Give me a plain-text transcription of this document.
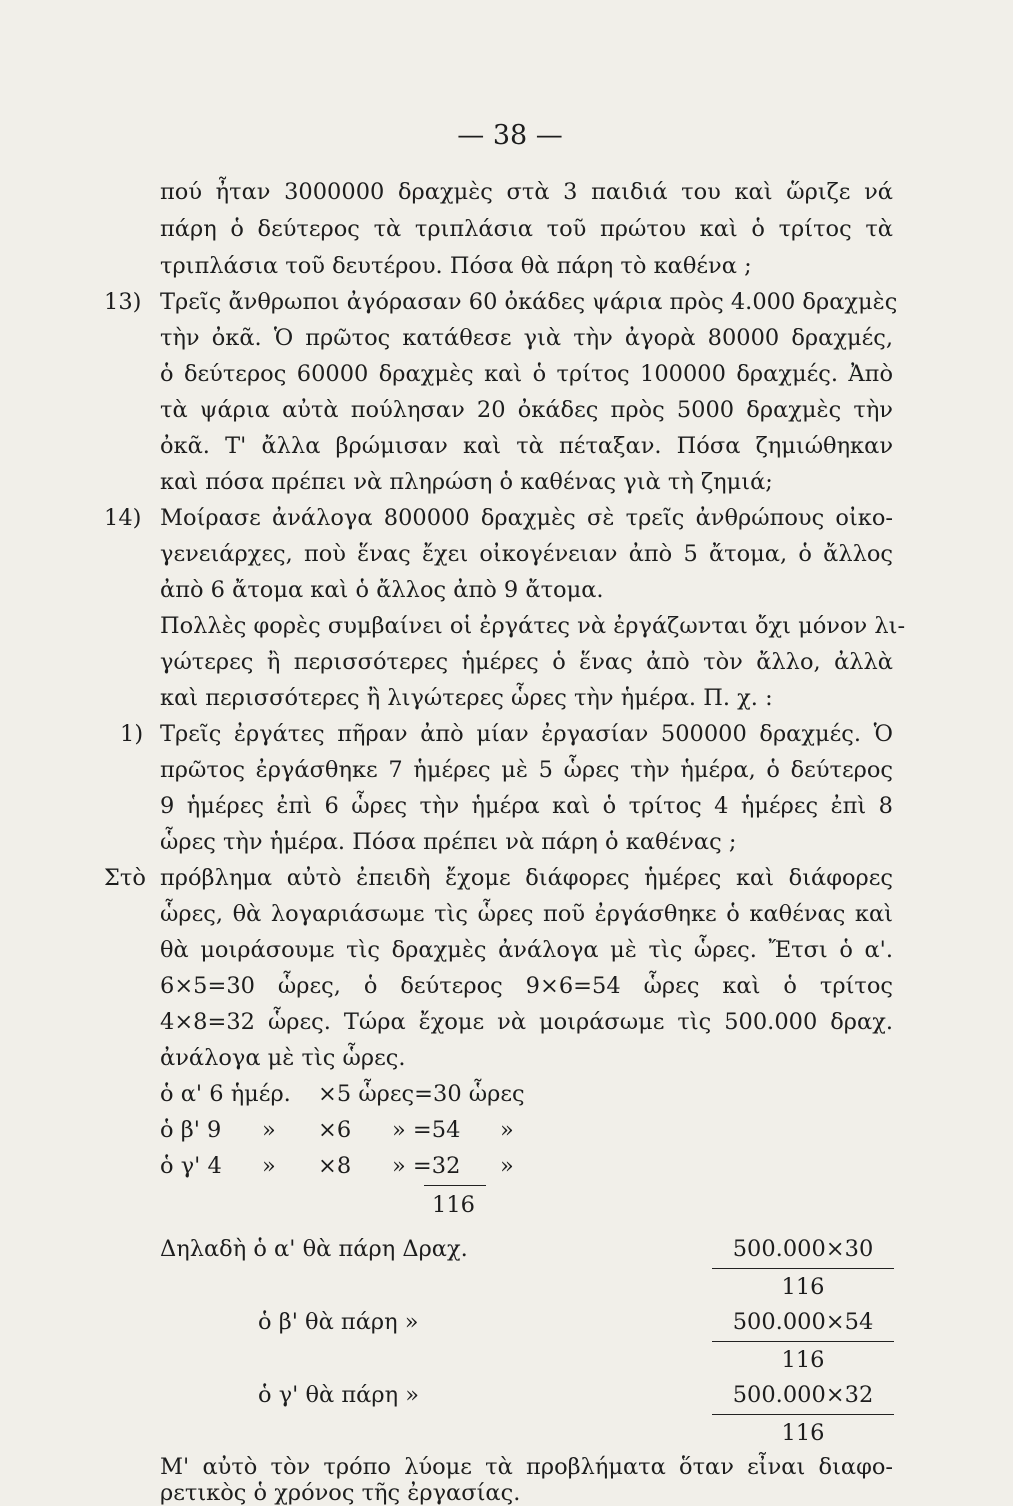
— 38 —
πού ἦταν 3000000 δραχμὲς στὰ 3 παιδιά του καὶ ὥριζε νά
πάρη ὁ δεύτερος τὰ τριπλάσια τοῦ πρώτου καὶ ὁ τρίτος τὰ
τριπλάσια τοῦ δευτέρου. Πόσα θὰ πάρη τὸ καθένα ;
13) Τρεῖς ἄνθρωποι ἀγόρασαν 60 ὀκάδες ψάρια πρὸς 4.000 δραχμὲς
τὴν ὀκᾶ. Ὁ πρῶτος κατάθεσε γιὰ τὴν ἀγορὰ 80000 δραχμές,
ὁ δεύτερος 60000 δραχμὲς καὶ ὁ τρίτος 100000 δραχμές. Ἀπὸ
τὰ ψάρια αὐτὰ πούλησαν 20 ὀκάδες πρὸς 5000 δραχμὲς τὴν
ὀκᾶ. Τ' ἄλλα βρώμισαν καὶ τὰ πέταξαν. Πόσα ζημιώθηκαν
καὶ πόσα πρέπει νὰ πληρώση ὁ καθένας γιὰ τὴ ζημιά;
14) Μοίρασε ἀνάλογα 800000 δραχμὲς σὲ τρεῖς ἀνθρώπους οἰκο-
γενειάρχες, ποὺ ἕνας ἔχει οἰκογένειαν ἀπὸ 5 ἄτομα, ὁ ἄλλος
ἀπὸ 6 ἄτομα καὶ ὁ ἄλλος ἀπὸ 9 ἄτομα.
Πολλὲς φορὲς συμβαίνει οἱ ἐργάτες νὰ ἐργάζωνται ὄχι μόνον λι-
γώτερες ἢ περισσότερες ἡμέρες ὁ ἕνας ἀπὸ τὸν ἄλλο, ἀλλὰ
καὶ περισσότερες ἢ λιγώτερες ὧρες τὴν ἡμέρα. Π. χ. :
1) Τρεῖς ἐργάτες πῆραν ἀπὸ μίαν ἐργασίαν 500000 δραχμές. Ὁ
πρῶτος ἐργάσθηκε 7 ἡμέρες μὲ 5 ὧρες τὴν ἡμέρα, ὁ δεύτερος
9 ἡμέρες ἐπὶ 6 ὧρες τὴν ἡμέρα καὶ ὁ τρίτος 4 ἡμέρες ἐπὶ 8
ὧρες τὴν ἡμέρα. Πόσα πρέπει νὰ πάρη ὁ καθένας ;
Στὸ πρόβλημα αὐτὸ ἐπειδὴ ἔχομε διάφορες ἡμέρες καὶ διάφορες
ὧρες, θὰ λογαριάσωμε τὶς ὧρες ποῦ ἐργάσθηκε ὁ καθένας καὶ
θὰ μοιράσουμε τὶς δραχμὲς ἀνάλογα μὲ τὶς ὧρες. Ἔτσι ὁ α'.
6×5=30 ὧρες, ὁ δεύτερος 9×6=54 ὧρες καὶ ὁ τρίτος
4×8=32 ὧρες. Τώρα ἔχομε νὰ μοιράσωμε τὶς 500.000 δραχ.
ἀνάλογα μὲ τὶς ὧρες.
ὁ α' 6 ἡμέρ. ×5 ὧρες=30 ὧρες
ὁ β' 9 » ×6 » =54 »
ὁ γ' 4 » ×8 » =32 »
116
Δηλαδὴ ὁ α' θὰ πάρη Δραχ.	500.000×30
116
ὁ β' θὰ πάρη »	500.000×54
116
ὁ γ' θὰ πάρη »	500.000×32
116
Μ' αὐτὸ τὸν τρόπο λύομε τὰ προβλήματα ὅταν εἶναι διαφο-
ρετικὸς ὁ χρόνος τῆς ἐργασίας.
